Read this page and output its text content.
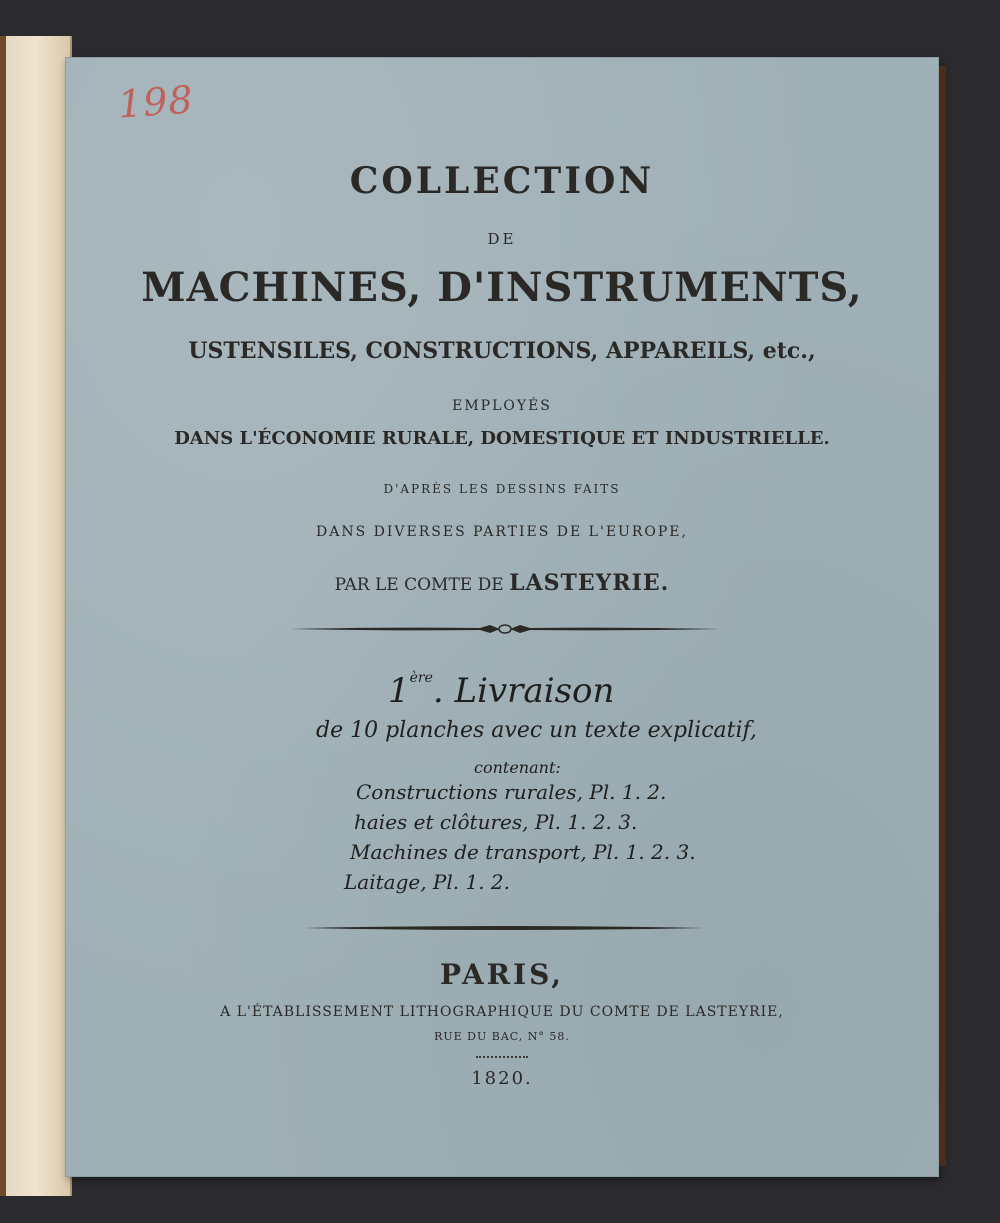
198
COLLECTION
DE
MACHINES, D'INSTRUMENTS,
USTENSILES, CONSTRUCTIONS, APPAREILS, etc.,
EMPLOYÉS
DANS L'ÉCONOMIE RURALE, DOMESTIQUE ET INDUSTRIELLE.
D'APRÈS LES DESSINS FAITS
DANS DIVERSES PARTIES DE L'EUROPE,
PAR LE COMTE DE LASTEYRIE.
1ère. Livraison
de 10 planches avec un texte explicatif,
contenant:
Constructions rurales, Pl. 1. 2.
haies et clôtures, Pl. 1. 2. 3.
Machines de transport, Pl. 1. 2. 3.
Laitage, Pl. 1. 2.
PARIS,
A L'ÉTABLISSEMENT LITHOGRAPHIQUE DU COMTE DE LASTEYRIE,
RUE DU BAC, N° 58.
1820.
